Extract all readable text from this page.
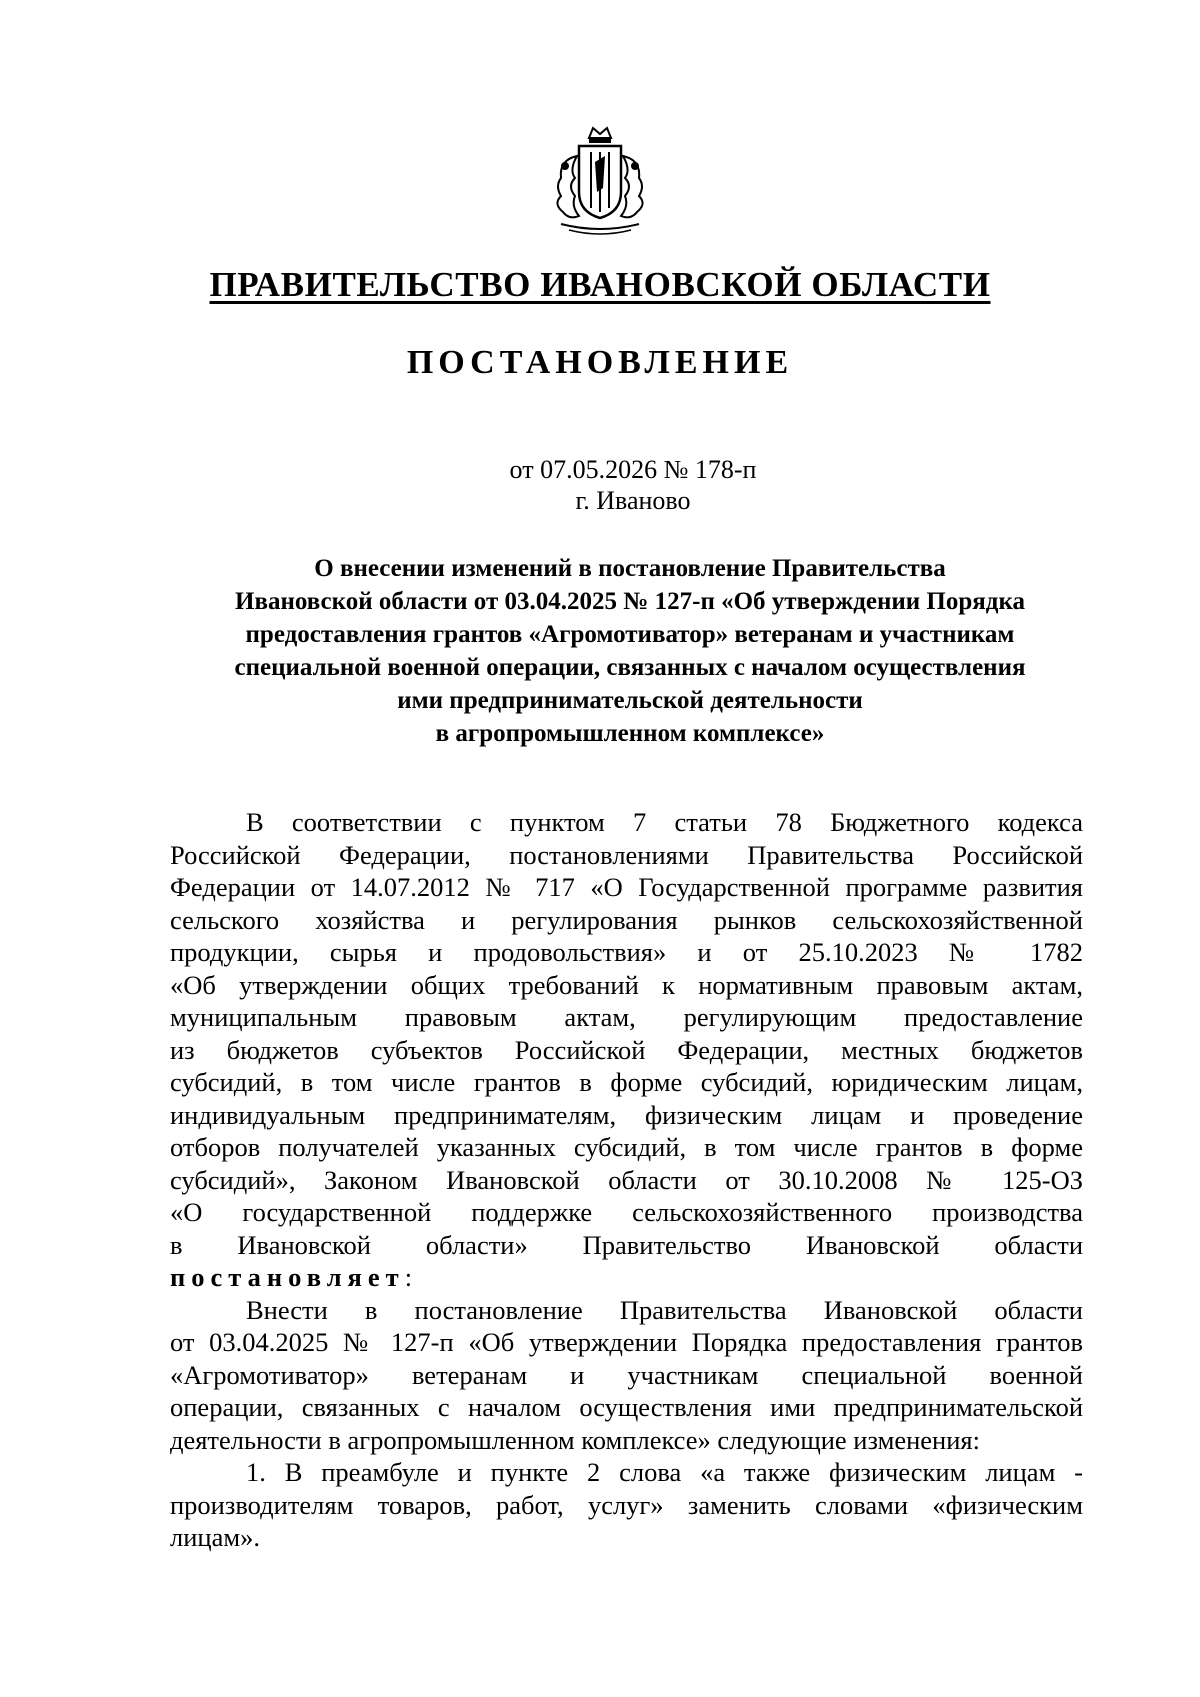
ПРАВИТЕЛЬСТВО ИВАНОВСКОЙ ОБЛАСТИ
ПОСТАНОВЛЕНИЕ
от 07.05.2026 № 178-п
г. Иваново
О внесении изменений в постановление Правительства
Ивановской области от 03.04.2025 № 127-п «Об утверждении Порядка
предоставления грантов «Агромотиватор» ветеранам и участникам
специальной военной операции, связанных с началом осуществления
ими предпринимательской деятельности
в агропромышленном комплексе»
В соответствии с пунктом 7 статьи 78 Бюджетного кодекса
Российской Федерации, постановлениями Правительства Российской
Федерации от 14.07.2012 № 717 «О Государственной программе развития
сельского хозяйства и регулирования рынков сельскохозяйственной
продукции, сырья и продовольствия» и от 25.10.2023 № 1782
«Об утверждении общих требований к нормативным правовым актам,
муниципальным правовым актам, регулирующим предоставление
из бюджетов субъектов Российской Федерации, местных бюджетов
субсидий, в том числе грантов в форме субсидий, юридическим лицам,
индивидуальным предпринимателям, физическим лицам и проведение
отборов получателей указанных субсидий, в том числе грантов в форме
субсидий», Законом Ивановской области от 30.10.2008 № 125-ОЗ
«О государственной поддержке сельскохозяйственного производства
в Ивановской области» Правительство Ивановской области
постановляет:
Внести в постановление Правительства Ивановской области
от 03.04.2025 № 127-п «Об утверждении Порядка предоставления грантов
«Агромотиватор» ветеранам и участникам специальной военной
операции, связанных с началом осуществления ими предпринимательской
деятельности в агропромышленном комплексе» следующие изменения:
1. В преамбуле и пункте 2 слова «а также физическим лицам -
производителям товаров, работ, услуг» заменить словами «физическим
лицам».
